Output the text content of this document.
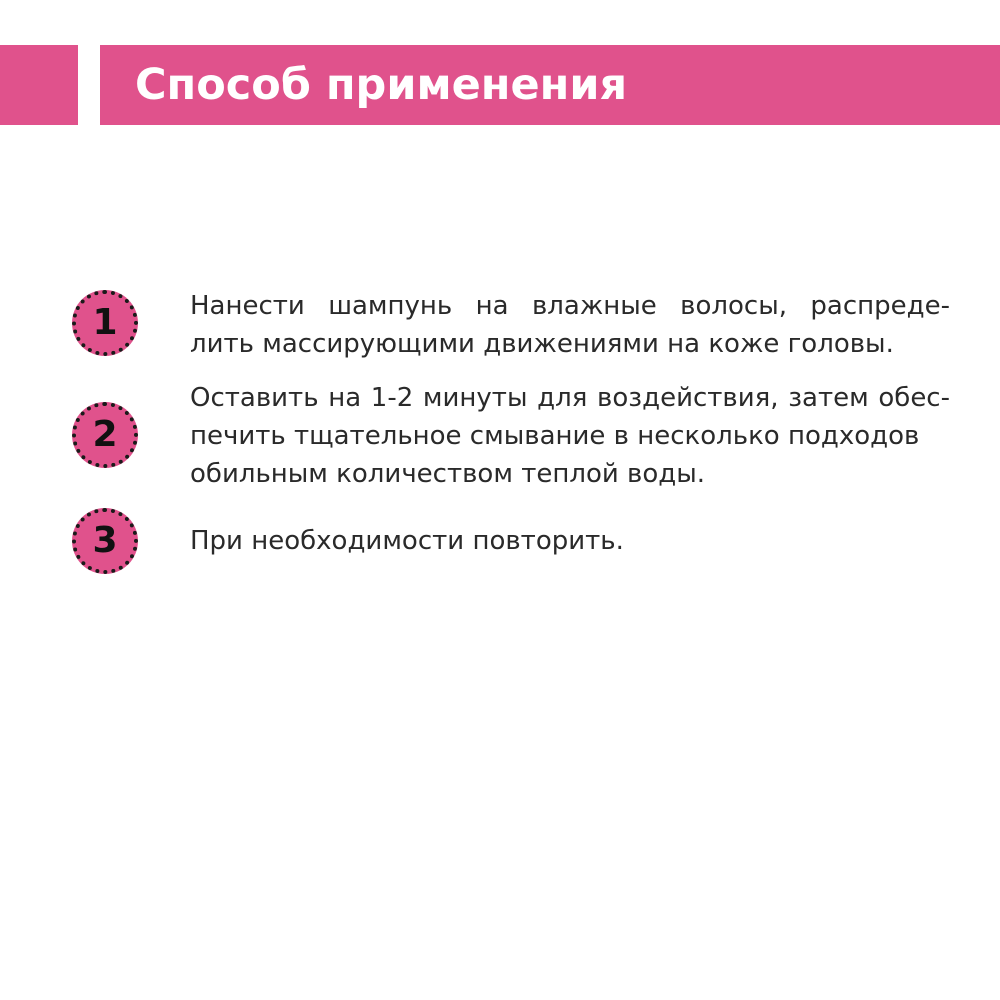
Способ применения
1	Нанести шампунь на влажные волосы, распреде-
лить массирующими движениями на коже головы.
2
Оставить на 1-2 минуты для воздействия, затем обес-
печить тщательное смывание в несколько подходов
обильным количеством теплой воды.
3	При необходимости повторить.
